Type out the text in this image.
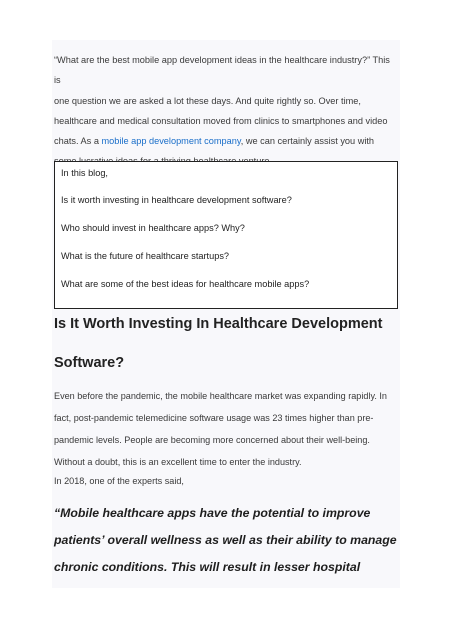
“What are the best mobile app development ideas in the healthcare industry?” This is

one question we are asked a lot these days. And quite rightly so. Over time,

healthcare and medical consultation moved from clinics to smartphones and video

chats. As a mobile app development company, we can certainly assist you with

In this blog,
Is it worth investing in healthcare development software?
Who should invest in healthcare apps? Why?
What is the future of healthcare startups?
What are some of the best ideas for healthcare mobile apps?
Is It Worth Investing In Healthcare Development
Software?
Even before the pandemic, the mobile healthcare market was expanding rapidly. In
fact, post-pandemic telemedicine software usage was 23 times higher than pre-
pandemic levels. People are becoming more concerned about their well-being.
Without a doubt, this is an excellent time to enter the industry.
In 2018, one of the experts said,
“Mobile healthcare apps have the potential to improve
patients’ overall wellness as well as their ability to manage
chronic conditions. This will result in lesser hospital
